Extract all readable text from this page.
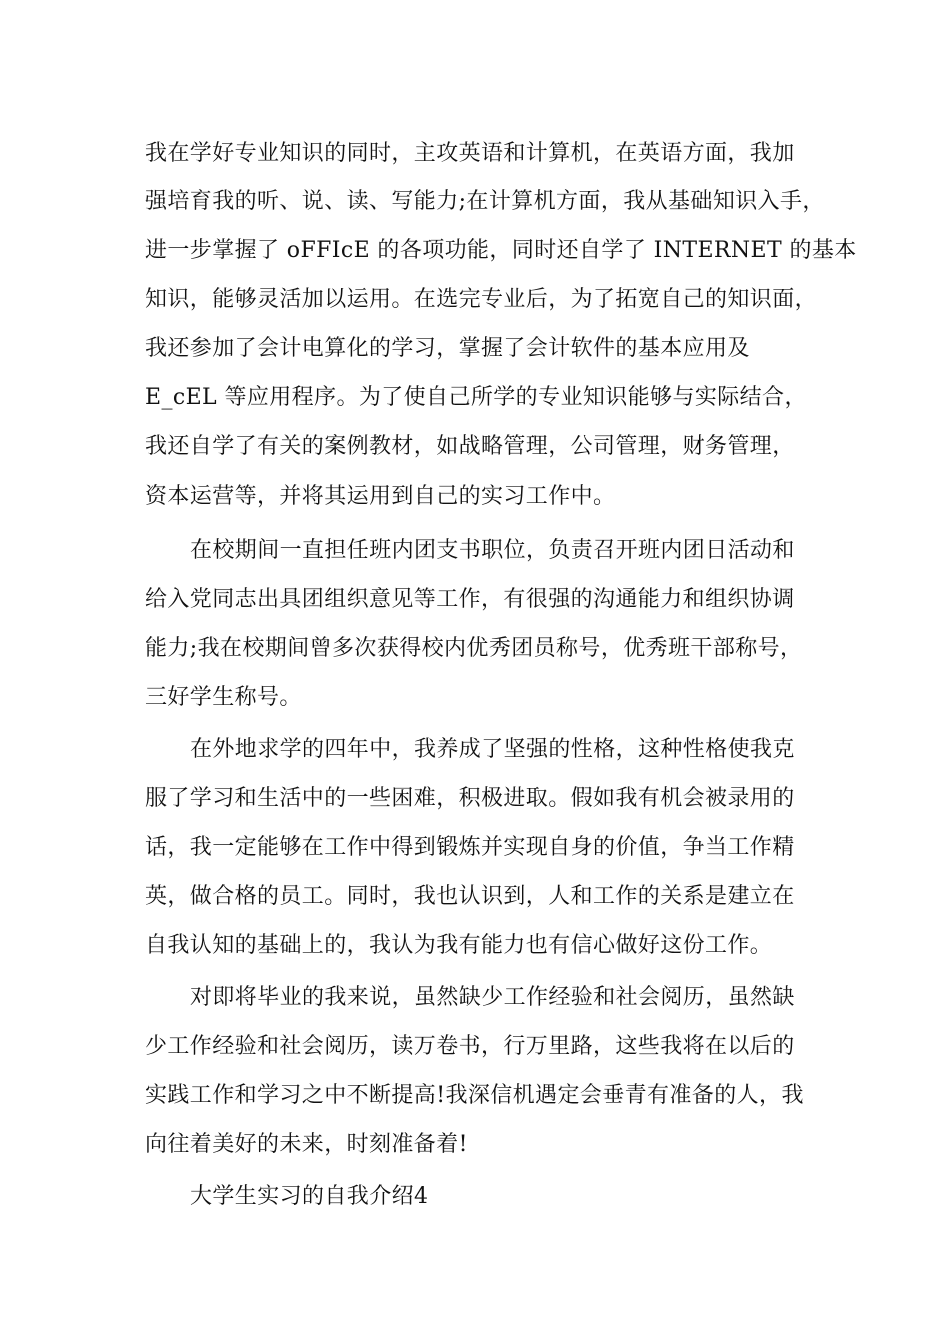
我在学好专业知识的同时，主攻英语和计算机，在英语方面，我加
强培育我的听、说、读、写能力;在计算机方面，我从基础知识入手，
进一步掌握了 oFFIcE 的各项功能，同时还自学了 INTERNET 的基本
知识，能够灵活加以运用。在选完专业后，为了拓宽自己的知识面，
我还参加了会计电算化的学习，掌握了会计软件的基本应用及
E_cEL 等应用程序。为了使自己所学的专业知识能够与实际结合，
我还自学了有关的案例教材，如战略管理，公司管理，财务管理，
资本运营等，并将其运用到自己的实习工作中。
在校期间一直担任班内团支书职位，负责召开班内团日活动和
给入党同志出具团组织意见等工作，有很强的沟通能力和组织协调
能力;我在校期间曾多次获得校内优秀团员称号，优秀班干部称号，
三好学生称号。
在外地求学的四年中，我养成了坚强的性格，这种性格使我克
服了学习和生活中的一些困难，积极进取。假如我有机会被录用的
话，我一定能够在工作中得到锻炼并实现自身的价值，争当工作精
英，做合格的员工。同时，我也认识到，人和工作的关系是建立在
自我认知的基础上的，我认为我有能力也有信心做好这份工作。
对即将毕业的我来说，虽然缺少工作经验和社会阅历，虽然缺
少工作经验和社会阅历，读万卷书，行万里路，这些我将在以后的
实践工作和学习之中不断提高!我深信机遇定会垂青有准备的人，我
向往着美好的未来，时刻准备着!
大学生实习的自我介绍4
